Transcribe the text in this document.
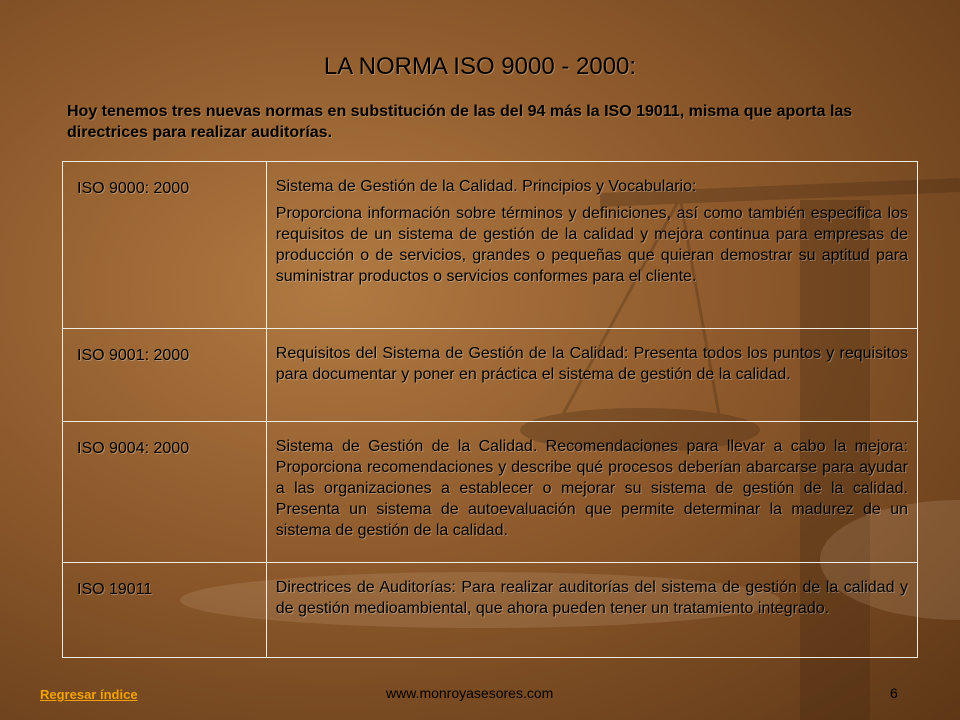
LA NORMA ISO 9000 - 2000:
Hoy tenemos tres nuevas normas en substitución de las del 94 más la ISO 19011, misma que aporta las directrices para realizar auditorías.
ISO 9000: 2000	Sistema de Gestión de la Calidad. Principios y Vocabulario:

Proporciona información sobre términos y definiciones, así como también especifica los requisitos de un sistema de gestión de la calidad y mejora continua para empresas de producción o de servicios, grandes o pequeñas que quieran demostrar su aptitud para suministrar productos o servicios conformes para el cliente.

ISO 9001: 2000	Requisitos del Sistema de Gestión de la Calidad: Presenta todos los puntos y requisitos para documentar y poner en práctica el sistema de gestión de la calidad.

ISO 9004: 2000	Sistema de Gestión de la Calidad. Recomendaciones para llevar a cabo la mejora: Proporciona recomendaciones y describe qué procesos deberían abarcarse para ayudar a las organizaciones a establecer o mejorar su sistema de gestión de la calidad. Presenta un sistema de autoevaluación que permite determinar la madurez de un sistema de gestión de la calidad.

ISO 19011	Directrices de Auditorías: Para realizar auditorías del sistema de gestión de la calidad y de gestión medioambiental, que ahora pueden tener un tratamiento integrado.

Regresar índice	www.monroyasesores.com	6
